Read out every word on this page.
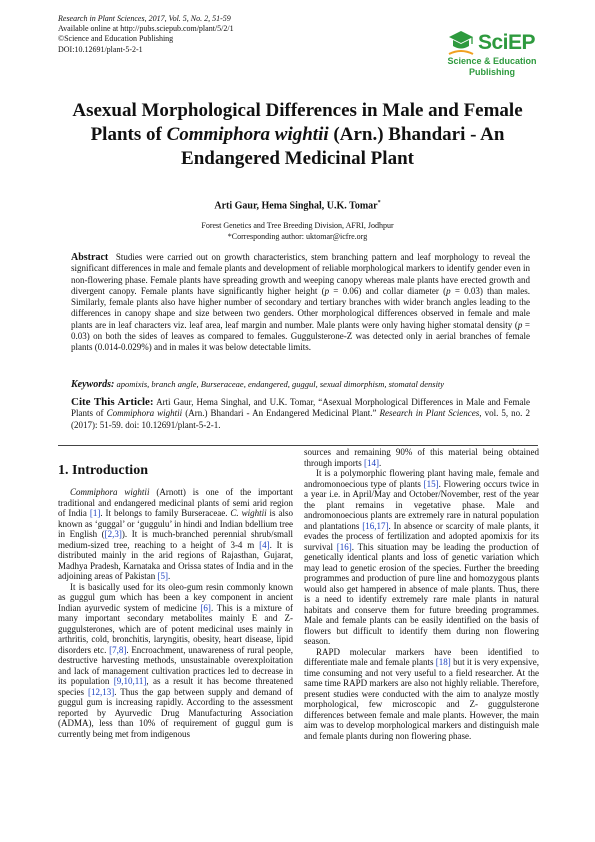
Research in Plant Sciences, 2017, Vol. 5, No. 2, 51-59
Available online at http://pubs.sciepub.com/plant/5/2/1
©Science and Education Publishing
DOI:10.12691/plant-5-2-1	SciEP
Science & Education
Publishing
Asexual Morphological Differences in Male and Female Plants of Commiphora wightii (Arn.) Bhandari - An Endangered Medicinal Plant
Arti Gaur, Hema Singhal, U.K. Tomar*
Forest Genetics and Tree Breeding Division, AFRI, Jodhpur
*Corresponding author: uktomar@icfre.org

Abstract Studies were carried out on growth characteristics, stem branching pattern and leaf morphology to reveal the significant differences in male and female plants and development of reliable morphological markers to identify gender even in non-flowering phase. Female plants have spreading growth and weeping canopy whereas male plants have erected growth and divergent canopy. Female plants have significantly higher height (p = 0.06) and collar diameter (p = 0.03) than males. Similarly, female plants also have higher number of secondary and tertiary branches with wider branch angles leading to the differences in canopy shape and size between two genders. Other morphological differences observed in female and male plants are in leaf characters viz. leaf area, leaf margin and number. Male plants were only having higher stomatal density (p = 0.03) on both the sides of leaves as compared to females. Guggulsterone-Z was detected only in aerial branches of female plants (0.014-0.029%) and in males it was below detectable limits.

Keywords: apomixis, branch angle, Burseraceae, endangered, guggul, sexual dimorphism, stomatal density

Cite This Article: Arti Gaur, Hema Singhal, and U.K. Tomar, “Asexual Morphological Differences in Male and Female Plants of Commiphora wightii (Arn.) Bhandari - An Endangered Medicinal Plant.” Research in Plant Sciences, vol. 5, no. 2 (2017): 51-59. doi: 10.12691/plant-5-2-1.

1. Introduction

Commiphora wightii (Arnott) is one of the important traditional and endangered medicinal plants of semi arid region of India [1]. It belongs to family Burseraceae. C. wightii is also known as ‘guggal’ or ‘guggulu’ in hindi and Indian bdellium tree in English ([2,3]). It is much-branched perennial shrub/small medium-sized tree, reaching to a height of 3-4 m [4]. It is distributed mainly in the arid regions of Rajasthan, Gujarat, Madhya Pradesh, Karnataka and Orissa states of India and in the adjoining areas of Pakistan [5].

It is basically used for its oleo-gum resin commonly known as guggul gum which has been a key component in ancient Indian ayurvedic system of medicine [6]. This is a mixture of many important secondary metabolites mainly E and Z-guggulsterones, which are of potent medicinal uses mainly in arthritis, cold, bronchitis, laryngitis, obesity, heart disease, lipid disorders etc. [7,8]. Encroachment, unawareness of rural people, destructive harvesting methods, unsustainable overexploitation and lack of management cultivation practices led to decrease in its population [9,10,11], as a result it has become threatened species [12,13]. Thus the gap between supply and demand of guggul gum is increasing rapidly. According to the assessment reported by Ayurvedic Drug Manufacturing Association (ADMA), less than 10% of requirement of guggul gum is currently being met from indigenous

sources and remaining 90% of this material being obtained through imports [14].

It is a polymorphic flowering plant having male, female and andromonoecious type of plants [15]. Flowering occurs twice in a year i.e. in April/May and October/November, rest of the year the plant remains in vegetative phase. Male and andromonoecious plants are extremely rare in natural population and plantations [16,17]. In absence or scarcity of male plants, it evades the process of fertilization and adopted apomixis for its survival [16]. This situation may be leading the production of genetically identical plants and loss of genetic variation which may lead to genetic erosion of the species. Further the breeding programmes and production of pure line and homozygous plants would also get hampered in absence of male plants. Thus, there is a need to identify extremely rare male plants in natural habitats and conserve them for future breeding programmes. Male and female plants can be easily identified on the basis of flowers but difficult to identify them during non flowering season.

RAPD molecular markers have been identified to differentiate male and female plants [18] but it is very expensive, time consuming and not very useful to a field researcher. At the same time RAPD markers are also not highly reliable. Therefore, present studies were conducted with the aim to analyze mostly morphological, few microscopic and Z- guggulsterone differences between female and male plants. However, the main aim was to develop morphological markers and distinguish male and female plants during non flowering phase.
